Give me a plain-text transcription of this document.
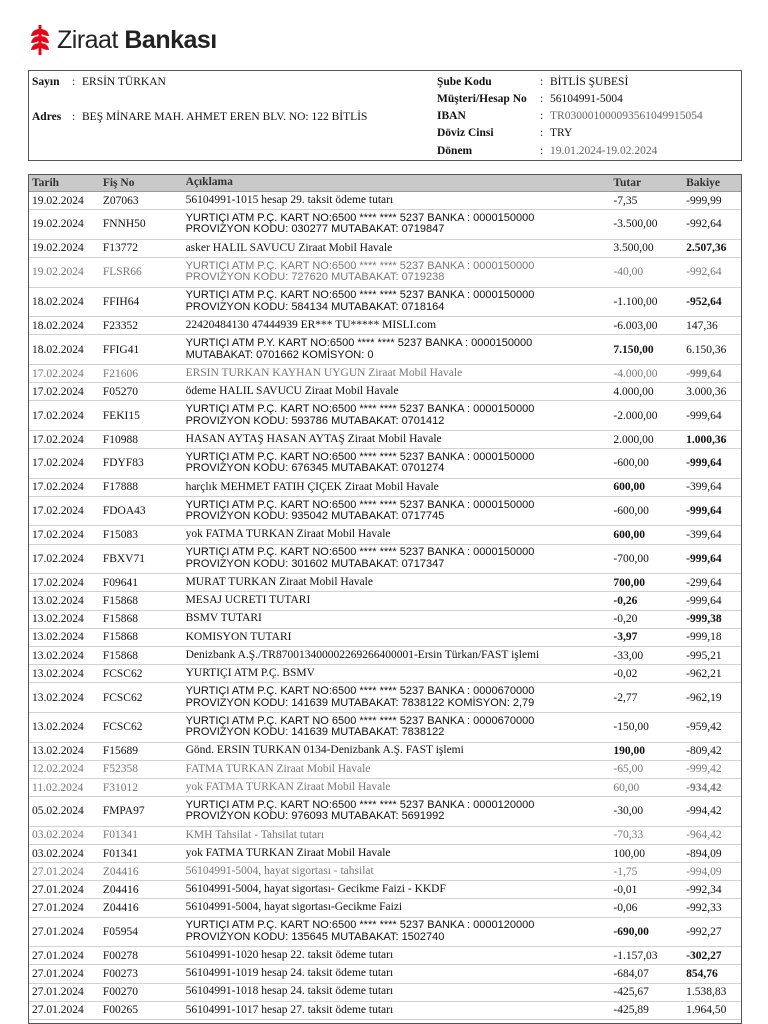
Ziraat Bankası
Sayın	: ERSİN TÜRKAN
Adres : BEŞ MİNARE MAH. AHMET EREN BLV. NO: 122 BİTLİS
Şube Kodu	: BİTLİS ŞUBESİ
Müşteri/Hesap No	: 56104991-5004
IBAN	: TR030001000093561049915054
Döviz Cinsi	: TRY
Dönem	: 19.01.2024-19.02.2024
Tarih	Fiş No	Açıklama	Tutar	Bakiye
19.02.2024	Z07063	56104991-1015 hesap 29. taksit ödeme tutarı	-7,35	-999,99
19.02.2024	FNNH50
YURTİÇİ ATM P.Ç. KART NO:6500 **** **** 5237 BANKA : 0000150000
PROVIZYON KODU: 030277 MUTABAKAT: 0719847	-3.500,00	-992,64
19.02.2024	F13772	asker HALİL SAVUCU Ziraat Mobil Havale	3.500,00	2.507,36
19.02.2024	FLSR66
YURTİÇİ ATM P.Ç. KART NO:6500 **** **** 5237 BANKA : 0000150000
PROVIZYON KODU: 727620 MUTABAKAT: 0719238	-40,00	-992,64
18.02.2024	FFIH64
YURTİÇİ ATM P.Ç. KART NO:6500 **** **** 5237 BANKA : 0000150000
PROVIZYON KODU: 584134 MUTABAKAT: 0718164	-1.100,00	-952,64
18.02.2024	F23352	22420484130 47444939 ER*** TÜ***** MİSLİ.com	-6.003,00	147,36
18.02.2024	FFIG41
YURTİÇİ ATM P.Y. KART NO:6500 **** **** 5237 BANKA : 0000150000
MUTABAKAT: 0701662 KOMİSYON: 0	7.150,00	6.150,36
17.02.2024	F21606	ERSİN TÜRKAN KAYHAN UYĞUN Ziraat Mobil Havale	-4.000,00	-999,64
17.02.2024	F05270	ödeme HALİL SAVUCU Ziraat Mobil Havale	4.000,00	3.000,36
17.02.2024	FEKI15
YURTİÇİ ATM P.Ç. KART NO:6500 **** **** 5237 BANKA : 0000150000
PROVIZYON KODU: 593786 MUTABAKAT: 0701412	-2.000,00	-999,64
17.02.2024	F10988	HASAN AYTAŞ HASAN AYTAŞ Ziraat Mobil Havale	2.000,00	1.000,36
17.02.2024	FDYF83
YURTİÇİ ATM P.Ç. KART NO:6500 **** **** 5237 BANKA : 0000150000
PROVIZYON KODU: 676345 MUTABAKAT: 0701274	-600,00	-999,64
17.02.2024	F17888	harçlık MEHMET FATİH ÇİÇEK Ziraat Mobil Havale	600,00	-399,64
17.02.2024	FDOA43
YURTİÇİ ATM P.Ç. KART NO:6500 **** **** 5237 BANKA : 0000150000
PROVIZYON KODU: 935042 MUTABAKAT: 0717745	-600,00	-999,64
17.02.2024	F15083	yok FATMA TÜRKAN Ziraat Mobil Havale	600,00	-399,64
17.02.2024	FBXV71
YURTİÇİ ATM P.Ç. KART NO:6500 **** **** 5237 BANKA : 0000150000
PROVIZYON KODU: 301602 MUTABAKAT: 0717347	-700,00	-999,64
17.02.2024	F09641	MURAT TÜRKAN Ziraat Mobil Havale	700,00	-299,64
13.02.2024	F15868	MESAJ ÜCRETİ TUTARI	-0,26	-999,64
13.02.2024	F15868	BSMV TUTARI	-0,20	-999,38
13.02.2024	F15868	KOMİSYON TUTARI	-3,97	-999,18
13.02.2024	F15868	Denizbank A.Ş./TR870013400002269266400001-Ersin Türkan/FAST işlemi	-33,00	-995,21
13.02.2024	FCSC62	YURTİÇİ ATM P.Ç. BSMV	-0,02	-962,21
13.02.2024	FCSC62
YURTİÇİ ATM P.Ç. KART NO:6500 **** **** 5237 BANKA : 0000670000
PROVIZYON KODU: 141639 MUTABAKAT: 7838122 KOMİSYON: 2,79	-2,77	-962,19
13.02.2024	FCSC62
YURTİÇİ ATM P.Ç. KART NO 6500 **** **** 5237 BANKA : 0000670000
PROVIZYON KODU: 141639 MUTABAKAT: 7838122	-150,00	-959,42
13.02.2024	F15689	Gönd. ERSİN TÜRKAN 0134-Denizbank A.Ş. FAST işlemi	190,00	-809,42
12.02.2024	F52358	FATMA TÜRKAN Ziraat Mobil Havale	-65,00	-999,42
11.02.2024	F31012	yok FATMA TÜRKAN Ziraat Mobil Havale	60,00	-934,42
05.02.2024	FMPA97
YURTİÇİ ATM P.Ç. KART NO:6500 **** **** 5237 BANKA : 0000120000
PROVIZYON KODU: 976093 MUTABAKAT: 5691992	-30,00	-994,42
03.02.2024	F01341	KMH Tahsilat - Tahsilat tutarı	-70,33	-964,42
03.02.2024	F01341	yok FATMA TÜRKAN Ziraat Mobil Havale	100,00	-894,09
27.01.2024	Z04416	56104991-5004, hayat sigortası - tahsilat	-1,75	-994,09
27.01.2024	Z04416	56104991-5004, hayat sigortası- Gecikme Faizi - KKDF	-0,01	-992,34
27.01.2024	Z04416	56104991-5004, hayat sigortası-Gecikme Faizi	-0,06	-992,33
27.01.2024	F05954
YURTİÇİ ATM P.Ç. KART NO:6500 **** **** 5237 BANKA : 0000120000
PROVIZYON KODU: 135645 MUTABAKAT: 1502740	-690,00	-992,27
27.01.2024	F00278	56104991-1020 hesap 22. taksit ödeme tutarı	-1.157,03	-302,27
27.01.2024	F00273	56104991-1019 hesap 24. taksit ödeme tutarı	-684,07	854,76
27.01.2024	F00270	56104991-1018 hesap 24. taksit ödeme tutarı	-425,67	1.538,83
27.01.2024	F00265	56104991-1017 hesap 27. taksit ödeme tutarı	-425,89	1.964,50
